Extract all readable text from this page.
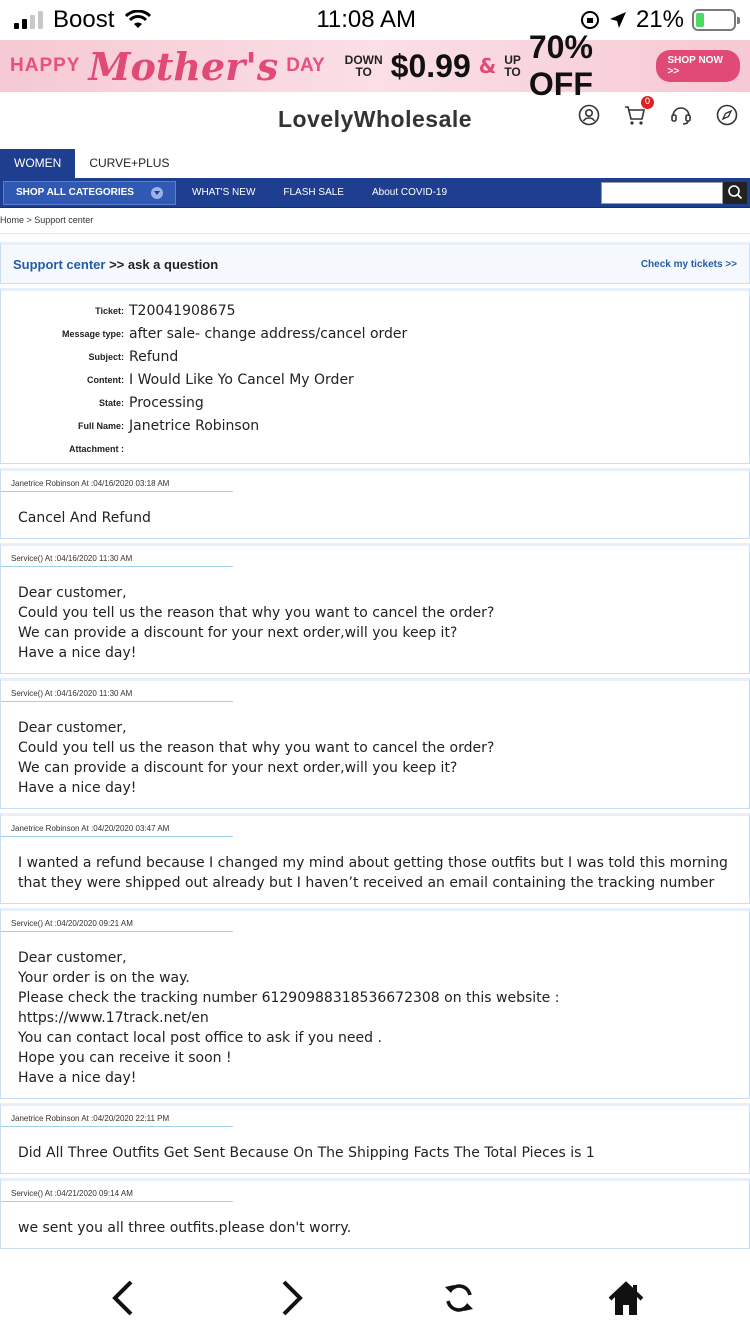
Boost	11:08 AM	21%
HAPPY Mother's DAY DOWN
TO $0.99 & UP
TO
70% OFF
SHOP NOW >>
LovelyWholesale
0
WOMEN	CURVE+PLUS
SHOP ALL CATEGORIES	WHAT'S NEW	FLASH SALE	About COVID-19
Home > Support center
Support center >> ask a question	Check my tickets >>
Ticket: T20041908675
Message type: after sale- change address/cancel order
Subject: Refund
Content: I Would Like Yo Cancel My Order
State: Processing
Full Name: Janetrice Robinson
Attachment :
Janetrice Robinson At :04/16/2020 03:18 AM

Cancel And Refund

Service() At :04/16/2020 11:30 AM

Dear customer,

Could you tell us the reason that why you want to cancel the order?

We can provide a discount for your next order,will you keep it?

Have a nice day!

Service() At :04/16/2020 11:30 AM

Dear customer,

Could you tell us the reason that why you want to cancel the order?

We can provide a discount for your next order,will you keep it?

Have a nice day!

Janetrice Robinson At :04/20/2020 03:47 AM

I wanted a refund because I changed my mind about getting those outfits but I was told this morning that they were shipped out already but I haven’t received an email containing the tracking number

Service() At :04/20/2020 09:21 AM

Dear customer,

Your order is on the way.

Please check the tracking number 61290988318536672308 on this website :

https://www.17track.net/en

You can contact local post office to ask if you need .

Hope you can receive it soon !

Have a nice day!

Janetrice Robinson At :04/20/2020 22:11 PM

Did All Three Outfits Get Sent Because On The Shipping Facts The Total Pieces is 1

Service() At :04/21/2020 09:14 AM

we sent you all three outfits.please don't worry.
